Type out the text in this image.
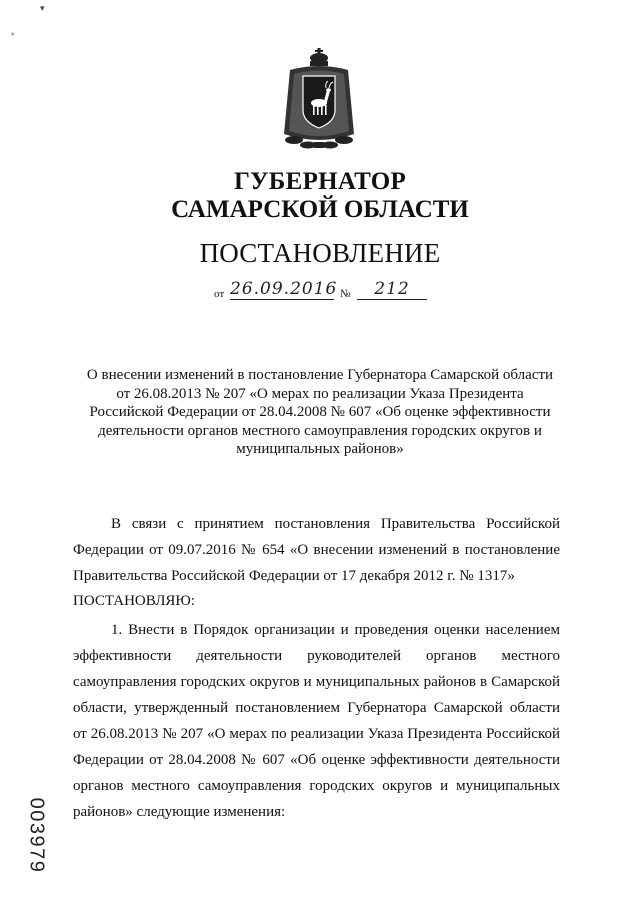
▾
˟
ГУБЕРНАТОР
САМАРСКОЙ ОБЛАСТИ
ПОСТАНОВЛЕНИЕ
от 26.09.2016 №	212
О внесении изменений в постановление Губернатора Самарской области от 26.08.2013 № 207 «О мерах по реализации Указа Президента Российской Федерации от 28.04.2008 № 607 «Об оценке эффективности деятельности органов местного самоуправления городских округов и муниципальных районов»

В связи с принятием постановления Правительства Российской Федерации от 09.07.2016 № 654 «О внесении изменений в постановление Правительства Российской Федерации от 17 декабря 2012 г. № 1317»

ПОСТАНОВЛЯЮ:

1. Внести в Порядок организации и проведения оценки населением эффективности деятельности руководителей органов местного самоуправления городских округов и муниципальных районов в Самарской области, утвержденный постановлением Губернатора Самарской области от 26.08.2013 № 207 «О мерах по реализации Указа Президента Российской Федерации от 28.04.2008 № 607 «Об оценке эффективности деятельности органов местного самоуправления городских округов и муниципальных районов» следующие изменения:

003979
